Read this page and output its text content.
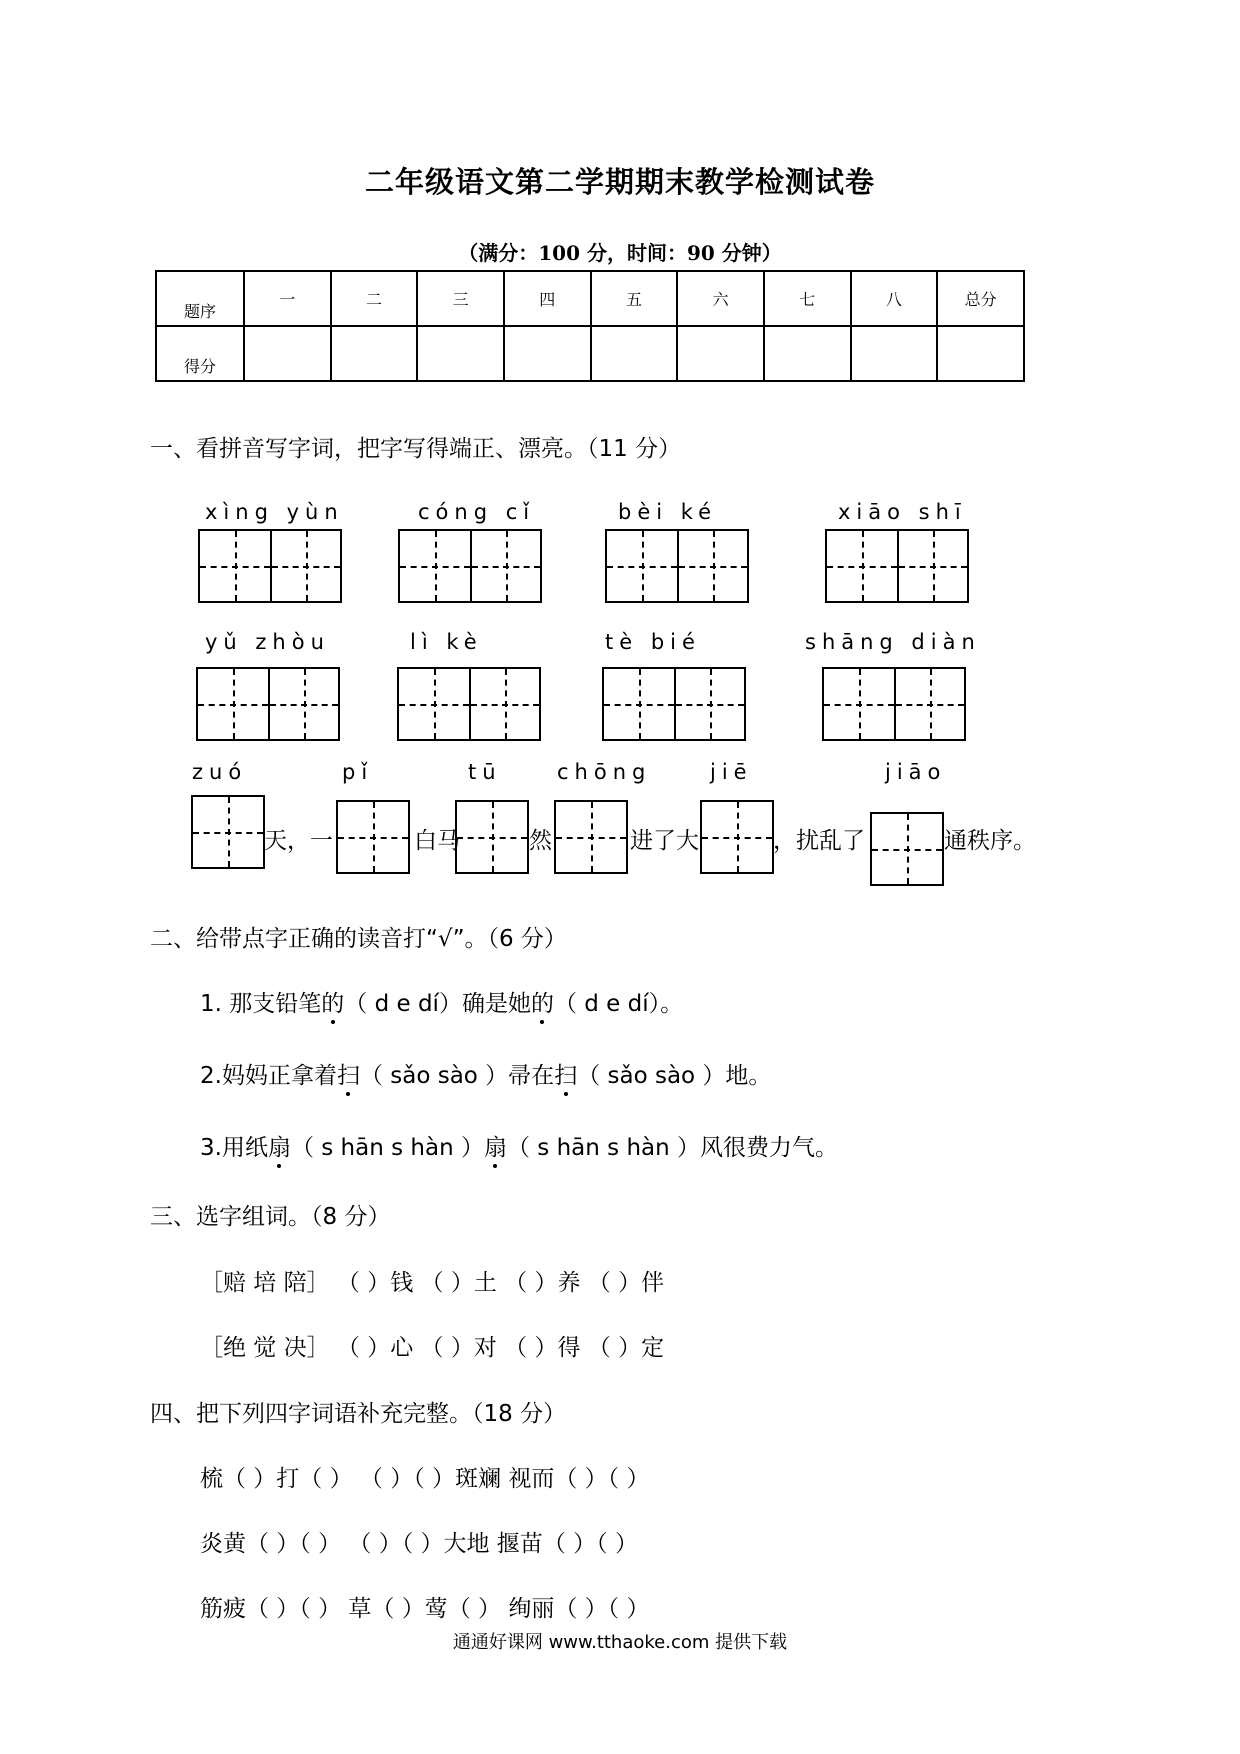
二年级语文第二学期期末教学检测试卷
（满分：100 分，时间：90 分钟）
题序	一	二	三	四	五	六	七	八	总分
得分									
一、看拼音写字词，把字写得端正、漂亮。（11 分）
xìng yùn	cóng cǐ	bèi ké	xiāo shī
yǔ zhòu	lì kè	tè bié	shāng diàn
zuó	pǐ	tū	chōng	jiē	jiāo
天，一	白马	然	进了大	，扰乱了	通秩序。
二、给带点字正确的读音打“√”。（6 分）
1. 那支铅笔的（ d e dí）确是她的（ d e dí）。
2.妈妈正拿着扫（ sǎo sào ）帚在扫（ sǎo sào ）地。
3.用纸扇（ s hān s hàn ）扇（ s hān s hàn ）风很费力气。
三、选字组词。（8 分）
［赔 培 陪］ （ ）钱 （ ）土 （ ）养 （ ）伴
［绝 觉 决］ （ ）心 （ ）对 （ ）得 （ ）定
四、把下列四字词语补充完整。（18 分）
梳（ ）打（ ） （ ）（ ）斑斓 视而（ ）（ ）
炎黄（ ）（ ） （ ）（ ）大地 揠苗（ ）（ ）
筋疲（ ）（ ） 草（ ）莺（ ） 绚丽（ ）（ ）
通通好课网 www.tthaoke.com 提供下载
